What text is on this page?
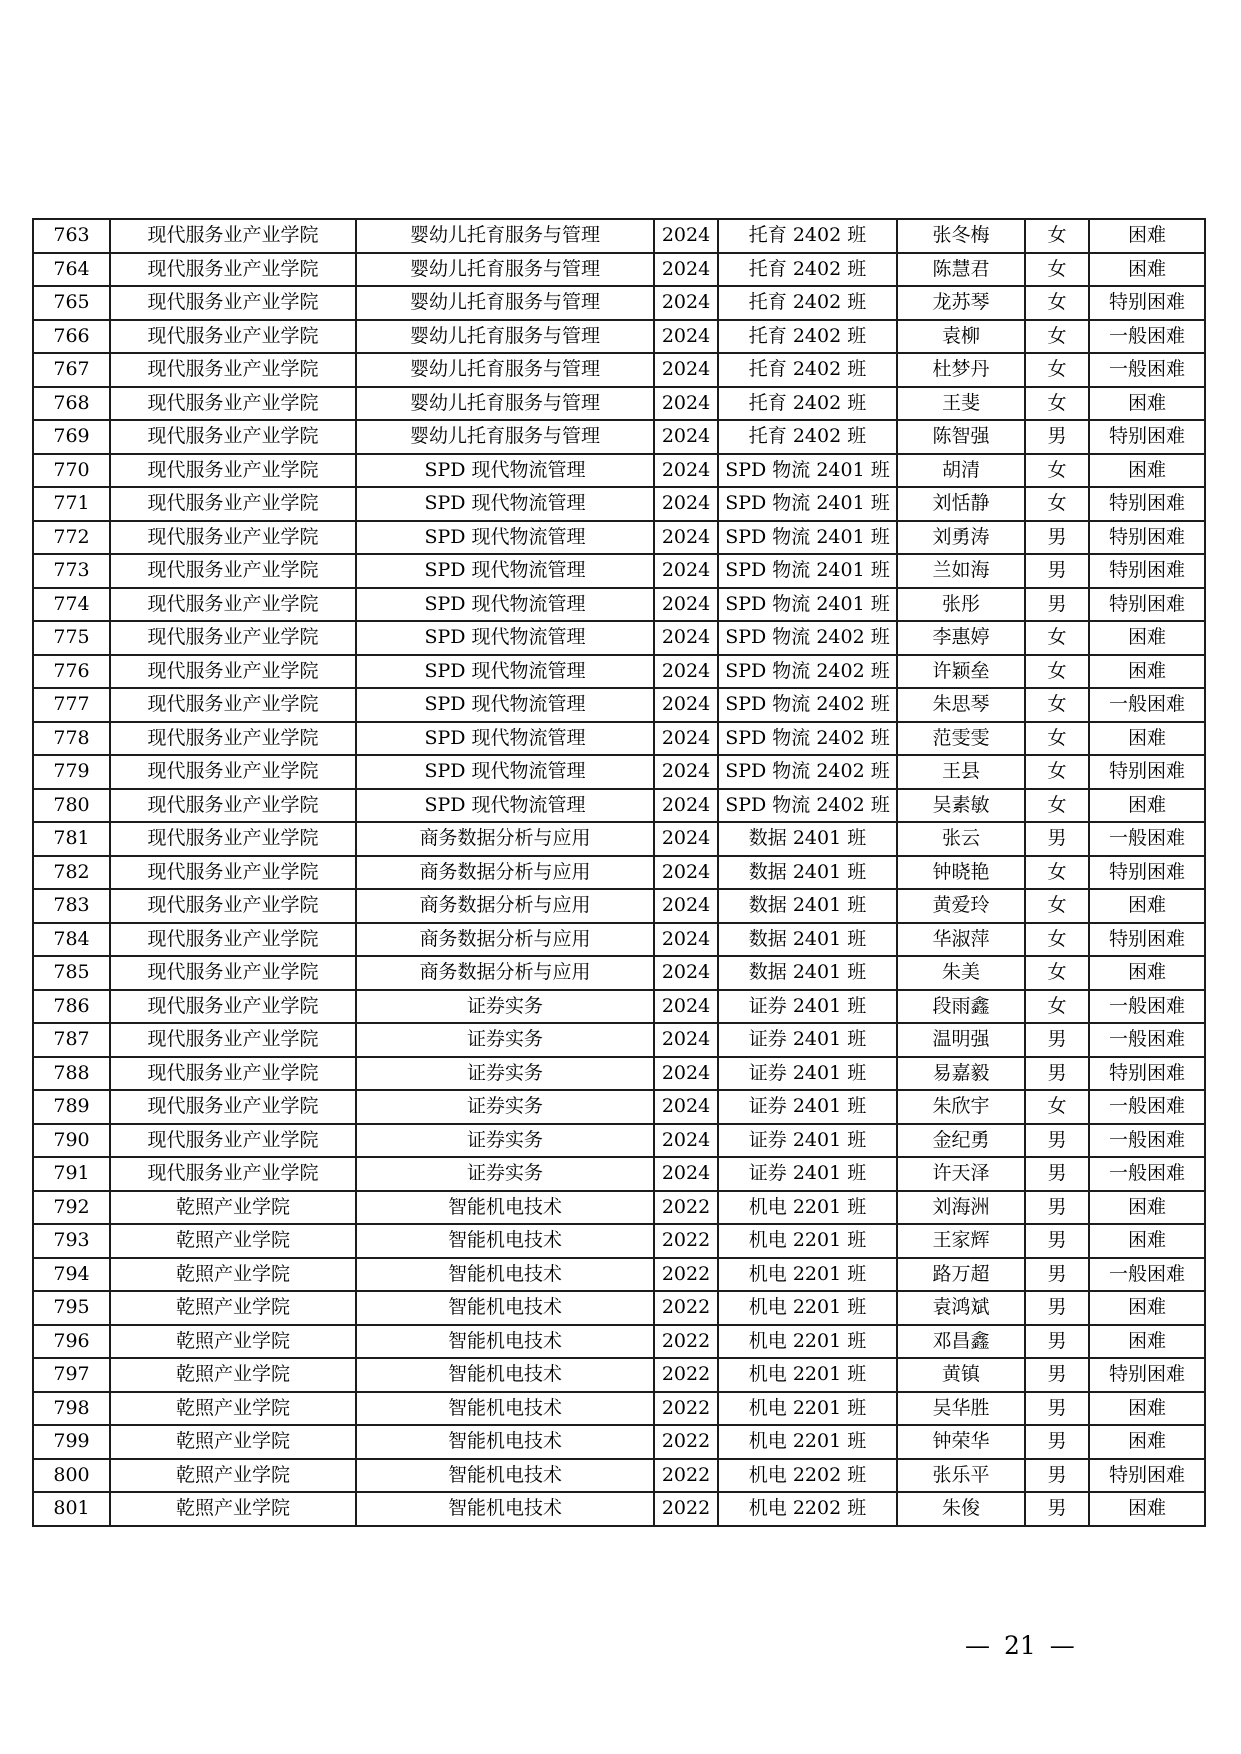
763	现代服务业产业学院	婴幼儿托育服务与管理	2024	托育 2402 班	张冬梅	女	困难
764	现代服务业产业学院	婴幼儿托育服务与管理	2024	托育 2402 班	陈慧君	女	困难
765	现代服务业产业学院	婴幼儿托育服务与管理	2024	托育 2402 班	龙苏琴	女	特别困难
766	现代服务业产业学院	婴幼儿托育服务与管理	2024	托育 2402 班	袁柳	女	一般困难
767	现代服务业产业学院	婴幼儿托育服务与管理	2024	托育 2402 班	杜梦丹	女	一般困难
768	现代服务业产业学院	婴幼儿托育服务与管理	2024	托育 2402 班	王斐	女	困难
769	现代服务业产业学院	婴幼儿托育服务与管理	2024	托育 2402 班	陈智强	男	特别困难
770	现代服务业产业学院	SPD 现代物流管理	2024	SPD 物流 2401 班	胡清	女	困难
771	现代服务业产业学院	SPD 现代物流管理	2024	SPD 物流 2401 班	刘恬静	女	特别困难
772	现代服务业产业学院	SPD 现代物流管理	2024	SPD 物流 2401 班	刘勇涛	男	特别困难
773	现代服务业产业学院	SPD 现代物流管理	2024	SPD 物流 2401 班	兰如海	男	特别困难
774	现代服务业产业学院	SPD 现代物流管理	2024	SPD 物流 2401 班	张彤	男	特别困难
775	现代服务业产业学院	SPD 现代物流管理	2024	SPD 物流 2402 班	李惠婷	女	困难
776	现代服务业产业学院	SPD 现代物流管理	2024	SPD 物流 2402 班	许颖垒	女	困难
777	现代服务业产业学院	SPD 现代物流管理	2024	SPD 物流 2402 班	朱思琴	女	一般困难
778	现代服务业产业学院	SPD 现代物流管理	2024	SPD 物流 2402 班	范雯雯	女	困难
779	现代服务业产业学院	SPD 现代物流管理	2024	SPD 物流 2402 班	王县	女	特别困难
780	现代服务业产业学院	SPD 现代物流管理	2024	SPD 物流 2402 班	吴素敏	女	困难
781	现代服务业产业学院	商务数据分析与应用	2024	数据 2401 班	张云	男	一般困难
782	现代服务业产业学院	商务数据分析与应用	2024	数据 2401 班	钟晓艳	女	特别困难
783	现代服务业产业学院	商务数据分析与应用	2024	数据 2401 班	黄爱玲	女	困难
784	现代服务业产业学院	商务数据分析与应用	2024	数据 2401 班	华淑萍	女	特别困难
785	现代服务业产业学院	商务数据分析与应用	2024	数据 2401 班	朱美	女	困难
786	现代服务业产业学院	证券实务	2024	证券 2401 班	段雨鑫	女	一般困难
787	现代服务业产业学院	证券实务	2024	证券 2401 班	温明强	男	一般困难
788	现代服务业产业学院	证券实务	2024	证券 2401 班	易嘉毅	男	特别困难
789	现代服务业产业学院	证券实务	2024	证券 2401 班	朱欣宇	女	一般困难
790	现代服务业产业学院	证券实务	2024	证券 2401 班	金纪勇	男	一般困难
791	现代服务业产业学院	证券实务	2024	证券 2401 班	许天泽	男	一般困难
792	乾照产业学院	智能机电技术	2022	机电 2201 班	刘海洲	男	困难
793	乾照产业学院	智能机电技术	2022	机电 2201 班	王家辉	男	困难
794	乾照产业学院	智能机电技术	2022	机电 2201 班	路万超	男	一般困难
795	乾照产业学院	智能机电技术	2022	机电 2201 班	袁鸿斌	男	困难
796	乾照产业学院	智能机电技术	2022	机电 2201 班	邓昌鑫	男	困难
797	乾照产业学院	智能机电技术	2022	机电 2201 班	黄镇	男	特别困难
798	乾照产业学院	智能机电技术	2022	机电 2201 班	吴华胜	男	困难
799	乾照产业学院	智能机电技术	2022	机电 2201 班	钟荣华	男	困难
800	乾照产业学院	智能机电技术	2022	机电 2202 班	张乐平	男	特别困难
801	乾照产业学院	智能机电技术	2022	机电 2202 班	朱俊	男	困难
— 21 —
